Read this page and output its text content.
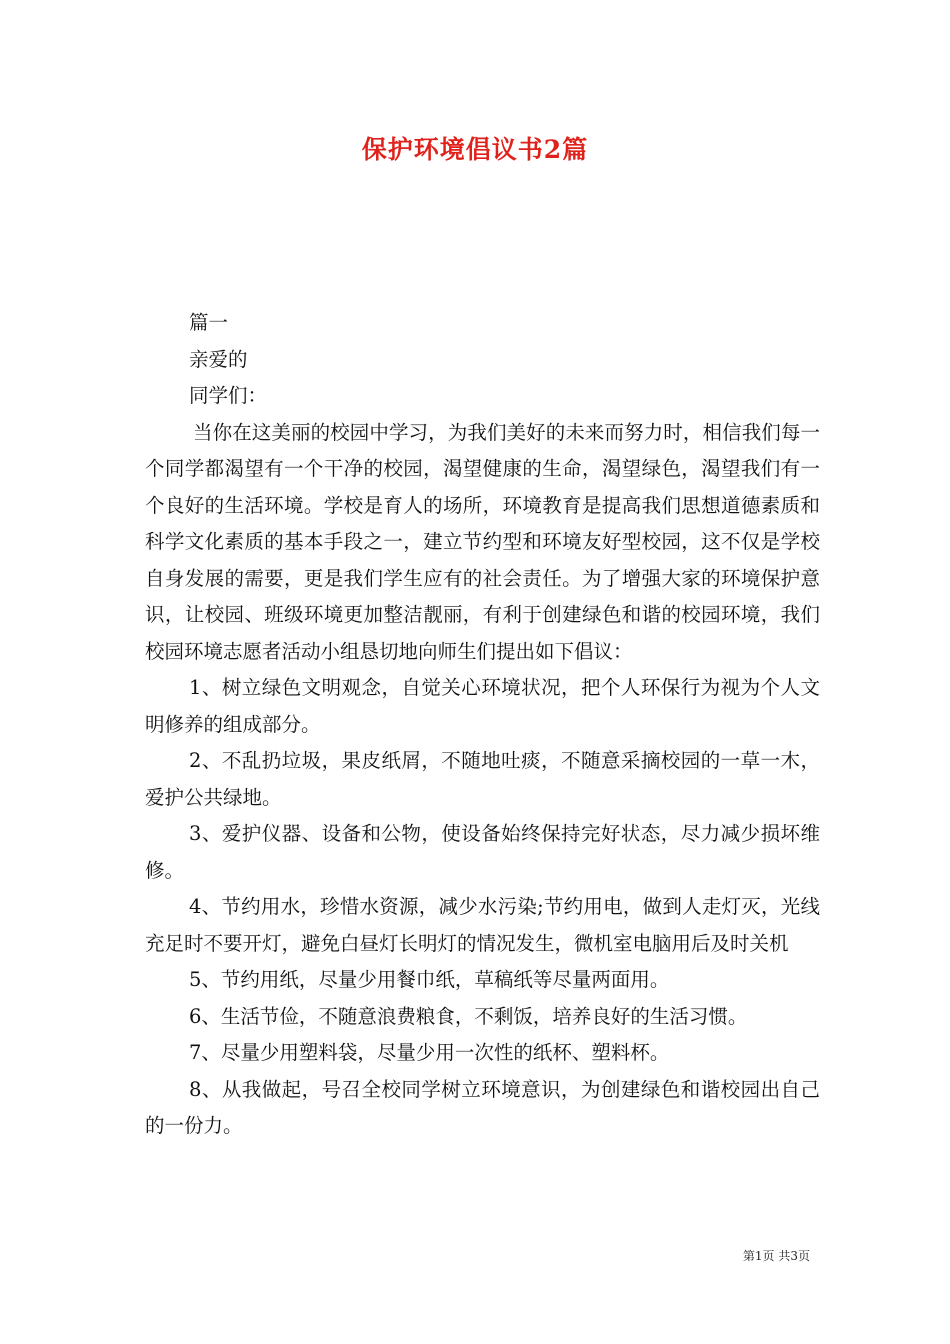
保护环境倡议书2篇

篇一

亲爱的

同学们：

当你在这美丽的校园中学习，为我们美好的未来而努力时，相信我们每一个同学都渴望有一个干净的校园，渴望健康的生命，渴望绿色，渴望我们有一个良好的生活环境。学校是育人的场所，环境教育是提高我们思想道德素质和科学文化素质的基本手段之一，建立节约型和环境友好型校园，这不仅是学校自身发展的需要，更是我们学生应有的社会责任。为了增强大家的环境保护意识，让校园、班级环境更加整洁靓丽，有利于创建绿色和谐的校园环境，我们校园环境志愿者活动小组恳切地向师生们提出如下倡议：

1、树立绿色文明观念，自觉关心环境状况，把个人环保行为视为个人文明修养的组成部分。

2、不乱扔垃圾，果皮纸屑，不随地吐痰，不随意采摘校园的一草一木，爱护公共绿地。

3、爱护仪器、设备和公物，使设备始终保持完好状态，尽力减少损坏维修。

4、节约用水，珍惜水资源，减少水污染;节约用电，做到人走灯灭，光线充足时不要开灯，避免白昼灯长明灯的情况发生，微机室电脑用后及时关机

5、节约用纸，尽量少用餐巾纸，草稿纸等尽量两面用。

6、生活节俭，不随意浪费粮食，不剩饭，培养良好的生活习惯。

7、尽量少用塑料袋，尽量少用一次性的纸杯、塑料杯。

8、从我做起，号召全校同学树立环境意识，为创建绿色和谐校园出自己的一份力。

第1页 共3页
